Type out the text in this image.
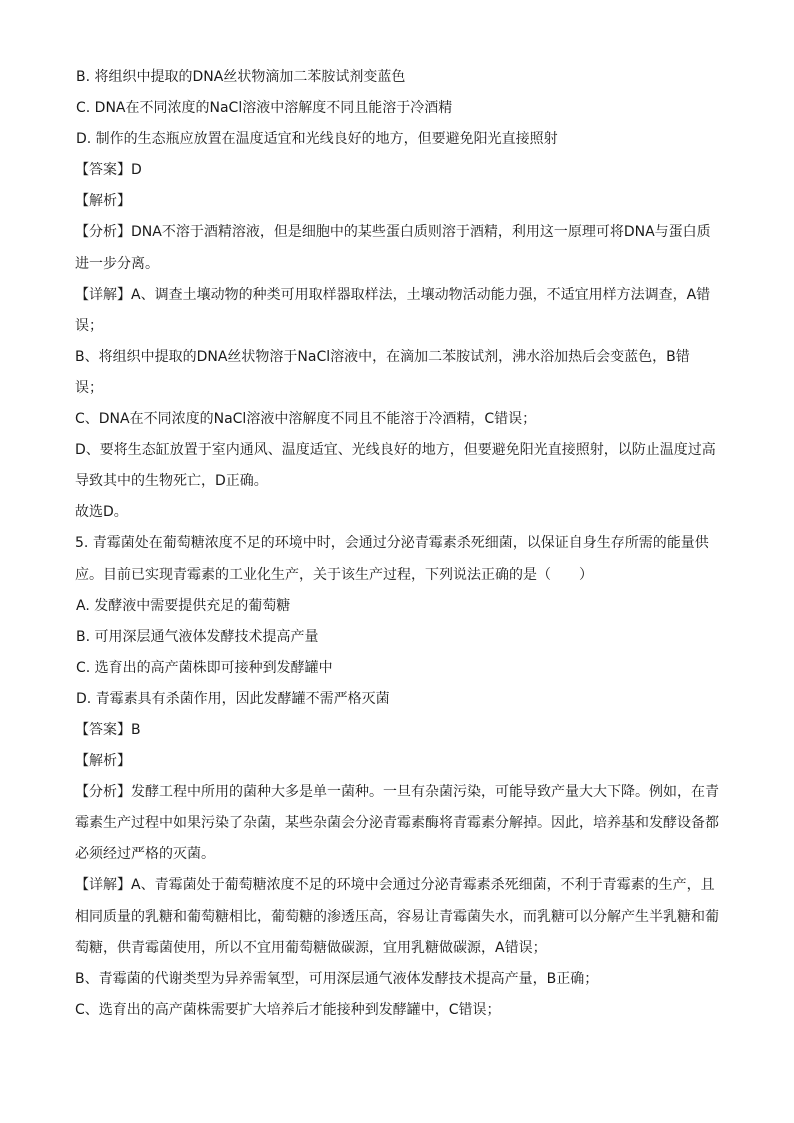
B. 将组织中提取的DNA丝状物滴加二苯胺试剂变蓝色
C. DNA在不同浓度的NaCl溶液中溶解度不同且能溶于冷酒精
D. 制作的生态瓶应放置在温度适宜和光线良好的地方，但要避免阳光直接照射
【答案】D
【解析】
【分析】DNA不溶于酒精溶液，但是细胞中的某些蛋白质则溶于酒精，利用这一原理可将DNA与蛋白质
进一步分离。
【详解】A、调查土壤动物的种类可用取样器取样法，土壤动物活动能力强，不适宜用样方法调查，A错
误；
B、将组织中提取的DNA丝状物溶于NaCl溶液中，在滴加二苯胺试剂，沸水浴加热后会变蓝色，B错
误；
C、DNA在不同浓度的NaCl溶液中溶解度不同且不能溶于冷酒精，C错误；
D、要将生态缸放置于室内通风、温度适宜、光线良好的地方，但要避免阳光直接照射，以防止温度过高
导致其中的生物死亡，D正确。
故选D。
5. 青霉菌处在葡萄糖浓度不足的环境中时，会通过分泌青霉素杀死细菌，以保证自身生存所需的能量供
应。目前已实现青霉素的工业化生产，关于该生产过程，下列说法正确的是（　　）
A. 发酵液中需要提供充足的葡萄糖
B. 可用深层通气液体发酵技术提高产量
C. 选育出的高产菌株即可接种到发酵罐中
D. 青霉素具有杀菌作用，因此发酵罐不需严格灭菌
【答案】B
【解析】
【分析】发酵工程中所用的菌种大多是单一菌种。一旦有杂菌污染，可能导致产量大大下降。例如，在青
霉素生产过程中如果污染了杂菌，某些杂菌会分泌青霉素酶将青霉素分解掉。因此，培养基和发酵设备都
必须经过严格的灭菌。
【详解】A、青霉菌处于葡萄糖浓度不足的环境中会通过分泌青霉素杀死细菌，不利于青霉素的生产，且
相同质量的乳糖和葡萄糖相比，葡萄糖的渗透压高，容易让青霉菌失水，而乳糖可以分解产生半乳糖和葡
萄糖，供青霉菌使用，所以不宜用葡萄糖做碳源，宜用乳糖做碳源，A错误；
B、青霉菌的代谢类型为异养需氧型，可用深层通气液体发酵技术提高产量，B正确；
C、选育出的高产菌株需要扩大培养后才能接种到发酵罐中，C错误；
